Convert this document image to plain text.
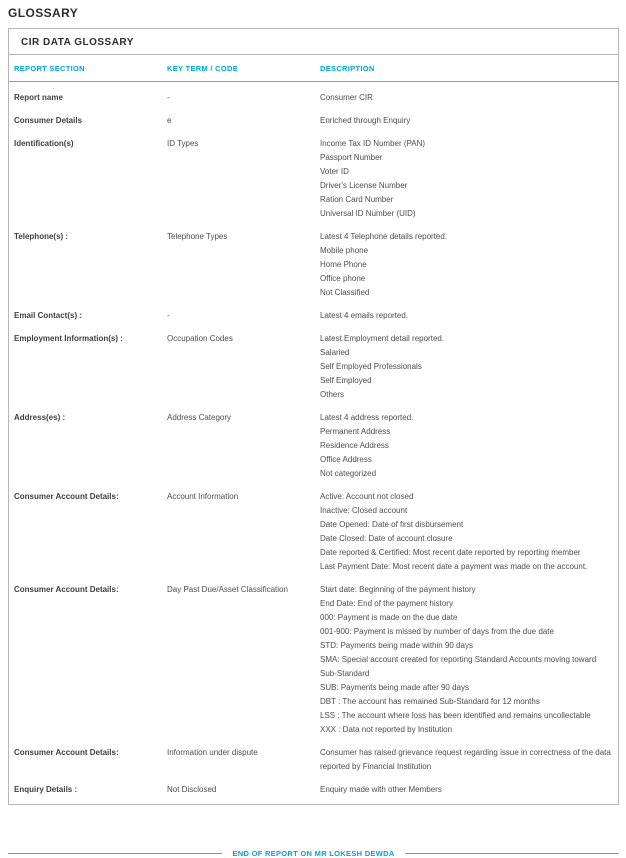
GLOSSARY
CIR DATA GLOSSARY
REPORT SECTION	KEY TERM / CODE	DESCRIPTION
Report name	-	Consumer CIR
Consumer Details	e	Enriched through Enquiry
Identification(s)	ID Types	Income Tax ID Number (PAN)
Passport Number
Voter ID
Driver's License Number
Ration Card Number
Universal ID Number (UID)
Telephone(s) :	Telephone Types	Latest 4 Telephone details reported.
Mobile phone
Home Phone
Office phone
Not Classified
Email Contact(s) :	-	Latest 4 emails reported.
Employment Information(s) :	Occupation Codes	Latest Employment detail reported.
Salaried
Self Employed Professionals
Self Employed
Others
Address(es) :	Address Category	Latest 4 address reported.
Permanent Address
Residence Address
Office Address
Not categorized
Consumer Account Details:	Account Information	Active: Account not closed
Inactive: Closed account
Date Opened: Date of first disbursement
Date Closed: Date of account closure
Date reported & Certified: Most recent date reported by reporting member
Last Payment Date: Most recent date a payment was made on the account.
Consumer Account Details:	Day Past Due/Asset Classification	Start date: Beginning of the payment history
End Date: End of the payment history
000: Payment is made on the due date
001-900: Payment is missed by number of days from the due date
STD: Payments being made within 90 days
SMA: Special account created for reporting Standard Accounts moving toward Sub-Standard
SUB: Payments being made after 90 days
DBT : The account has remained Sub-Standard for 12 months
LSS : The account where loss has been identified and remains uncollectable
XXX : Data not reported by Institution
Consumer Account Details:	Information under dispute	Consumer has raised grievance request regarding issue in correctness of the data reported by Financial Institution
Enquiry Details :	Not Disclosed	Enquiry made with other Members
END OF REPORT ON MR LOKESH DEWDA
